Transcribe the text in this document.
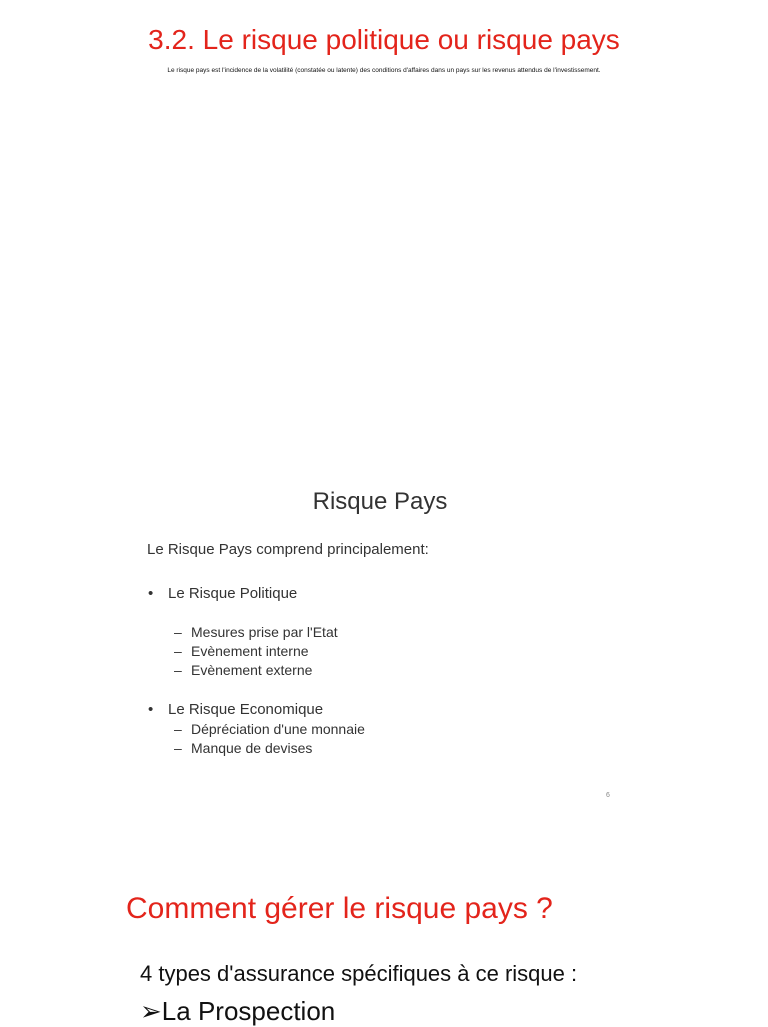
3.2. Le risque politique ou risque pays
Le risque pays est l'incidence de la volatilité (constatée ou latente) des conditions d'affaires dans un pays sur les revenus attendus de l'investissement.
Risque Pays
Le Risque Pays comprend principalement:
• Le Risque Politique
– Mesures prise par l'Etat
– Evènement interne
– Evènement externe
• Le Risque Economique
– Dépréciation d'une monnaie
– Manque de devises
6
Comment gérer le risque pays ?
4 types d'assurance spécifiques à ce risque :
➢La Prospection
